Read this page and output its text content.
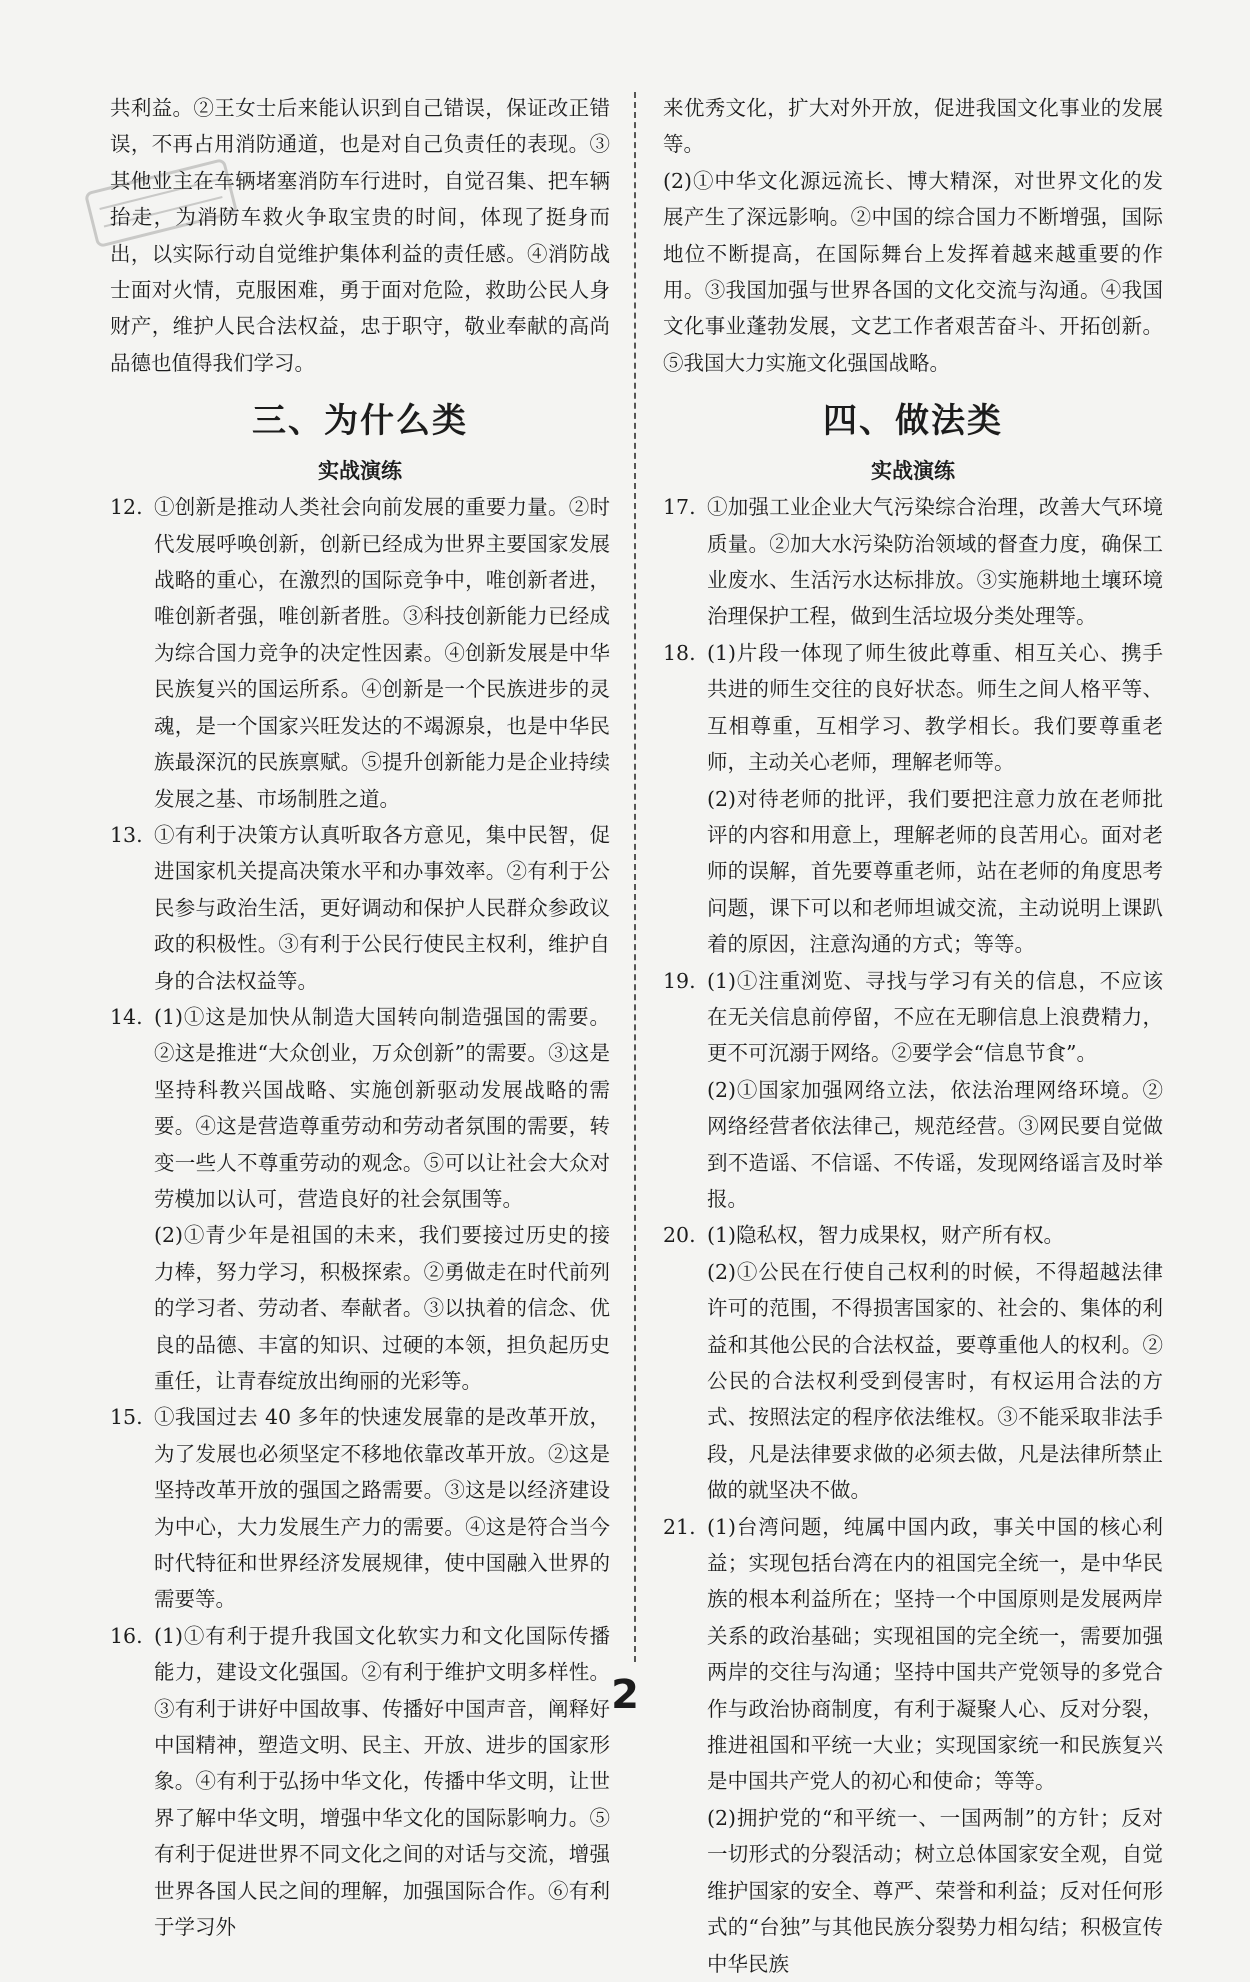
共利益。②王女士后来能认识到自己错误，保证改正错误，不再占用消防通道，也是对自己负责任的表现。③其他业主在车辆堵塞消防车行进时，自觉召集、把车辆抬走，为消防车救火争取宝贵的时间，体现了挺身而出，以实际行动自觉维护集体利益的责任感。④消防战士面对火情，克服困难，勇于面对危险，救助公民人身财产，维护人民合法权益，忠于职守，敬业奉献的高尚品德也值得我们学习。

三、为什么类
实战演练
12. ①创新是推动人类社会向前发展的重要力量。②时代发展呼唤创新，创新已经成为世界主要国家发展战略的重心，在激烈的国际竞争中，唯创新者进，唯创新者强，唯创新者胜。③科技创新能力已经成为综合国力竞争的决定性因素。④创新发展是中华民族复兴的国运所系。④创新是一个民族进步的灵魂，是一个国家兴旺发达的不竭源泉，也是中华民族最深沉的民族禀赋。⑤提升创新能力是企业持续发展之基、市场制胜之道。

13. ①有利于决策方认真听取各方意见，集中民智，促进国家机关提高决策水平和办事效率。②有利于公民参与政治生活，更好调动和保护人民群众参政议政的积极性。③有利于公民行使民主权利，维护自身的合法权益等。

14. (1)①这是加快从制造大国转向制造强国的需要。②这是推进“大众创业，万众创新”的需要。③这是坚持科教兴国战略、实施创新驱动发展战略的需要。④这是营造尊重劳动和劳动者氛围的需要，转变一些人不尊重劳动的观念。⑤可以让社会大众对劳模加以认可，营造良好的社会氛围等。

(2)①青少年是祖国的未来，我们要接过历史的接力棒，努力学习，积极探索。②勇做走在时代前列的学习者、劳动者、奉献者。③以执着的信念、优良的品德、丰富的知识、过硬的本领，担负起历史重任，让青春绽放出绚丽的光彩等。

15. ①我国过去 40 多年的快速发展靠的是改革开放，为了发展也必须坚定不移地依靠改革开放。②这是坚持改革开放的强国之路需要。③这是以经济建设为中心，大力发展生产力的需要。④这是符合当今时代特征和世界经济发展规律，使中国融入世界的需要等。

16. (1)①有利于提升我国文化软实力和文化国际传播能力，建设文化强国。②有利于维护文明多样性。③有利于讲好中国故事、传播好中国声音，阐释好中国精神，塑造文明、民主、开放、进步的国家形象。④有利于弘扬中华文化，传播中华文明，让世界了解中华文明，增强中华文化的国际影响力。⑤有利于促进世界不同文化之间的对话与交流，增强世界各国人民之间的理解，加强国际合作。⑥有利于学习外

来优秀文化，扩大对外开放，促进我国文化事业的发展等。

(2)①中华文化源远流长、博大精深，对世界文化的发展产生了深远影响。②中国的综合国力不断增强，国际地位不断提高，在国际舞台上发挥着越来越重要的作用。③我国加强与世界各国的文化交流与沟通。④我国文化事业蓬勃发展，文艺工作者艰苦奋斗、开拓创新。⑤我国大力实施文化强国战略。

四、做法类
实战演练
17. ①加强工业企业大气污染综合治理，改善大气环境质量。②加大水污染防治领域的督查力度，确保工业废水、生活污水达标排放。③实施耕地土壤环境治理保护工程，做到生活垃圾分类处理等。

18. (1)片段一体现了师生彼此尊重、相互关心、携手共进的师生交往的良好状态。师生之间人格平等、互相尊重，互相学习、教学相长。我们要尊重老师，主动关心老师，理解老师等。

(2)对待老师的批评，我们要把注意力放在老师批评的内容和用意上，理解老师的良苦用心。面对老师的误解，首先要尊重老师，站在老师的角度思考问题，课下可以和老师坦诚交流，主动说明上课趴着的原因，注意沟通的方式；等等。

19. (1)①注重浏览、寻找与学习有关的信息，不应该在无关信息前停留，不应在无聊信息上浪费精力，更不可沉溺于网络。②要学会“信息节食”。

(2)①国家加强网络立法，依法治理网络环境。②网络经营者依法律己，规范经营。③网民要自觉做到不造谣、不信谣、不传谣，发现网络谣言及时举报。

20. (1)隐私权，智力成果权，财产所有权。

(2)①公民在行使自己权利的时候，不得超越法律许可的范围，不得损害国家的、社会的、集体的利益和其他公民的合法权益，要尊重他人的权利。②公民的合法权利受到侵害时，有权运用合法的方式、按照法定的程序依法维权。③不能采取非法手段，凡是法律要求做的必须去做，凡是法律所禁止做的就坚决不做。

21. (1)台湾问题，纯属中国内政，事关中国的核心利益；实现包括台湾在内的祖国完全统一，是中华民族的根本利益所在；坚持一个中国原则是发展两岸关系的政治基础；实现祖国的完全统一，需要加强两岸的交往与沟通；坚持中国共产党领导的多党合作与政治协商制度，有利于凝聚人心、反对分裂，推进祖国和平统一大业；实现国家统一和民族复兴是中国共产党人的初心和使命；等等。

(2)拥护党的“和平统一、一国两制”的方针；反对一切形式的分裂活动；树立总体国家安全观，自觉维护国家的安全、尊严、荣誉和利益；反对任何形式的“台独”与其他民族分裂势力相勾结；积极宣传中华民族

2
